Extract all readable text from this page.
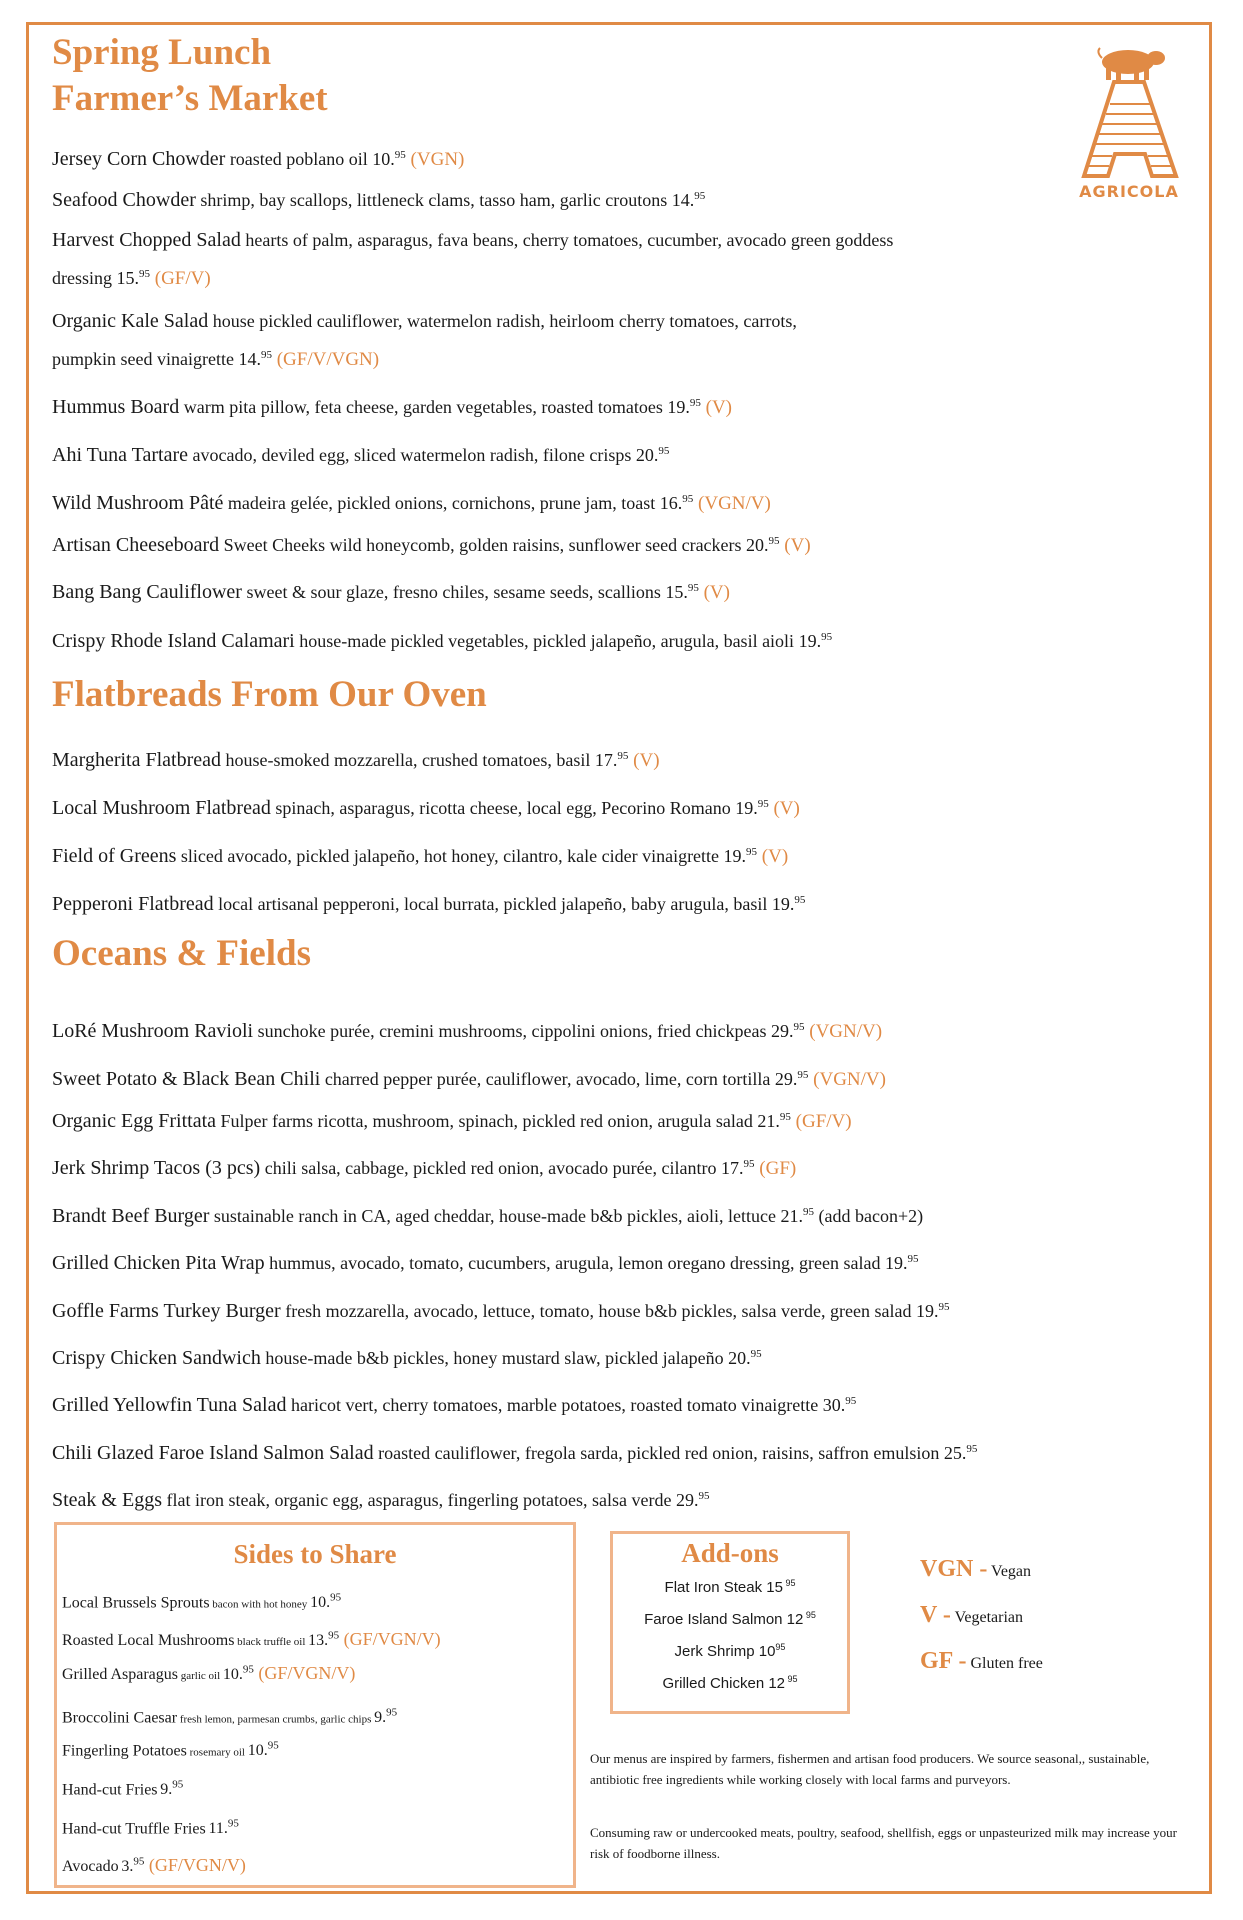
Spring Lunch
Farmer’s Market
AGRICOLA
Jersey Corn Chowder roasted poblano oil 10.95 (VGN)
Seafood Chowder shrimp, bay scallops, littleneck clams, tasso ham, garlic croutons 14.95
Harvest Chopped Salad hearts of palm, asparagus, fava beans, cherry tomatoes, cucumber, avocado green goddess
dressing 15.95 (GF/V)
Organic Kale Salad house pickled cauliflower, watermelon radish, heirloom cherry tomatoes, carrots,
pumpkin seed vinaigrette 14.95 (GF/V/VGN)
Hummus Board warm pita pillow, feta cheese, garden vegetables, roasted tomatoes 19.95 (V)
Ahi Tuna Tartare avocado, deviled egg, sliced watermelon radish, filone crisps 20.95
Wild Mushroom Pâté madeira gelée, pickled onions, cornichons, prune jam, toast 16.95 (VGN/V)
Artisan Cheeseboard Sweet Cheeks wild honeycomb, golden raisins, sunflower seed crackers 20.95 (V)
Bang Bang Cauliflower sweet & sour glaze, fresno chiles, sesame seeds, scallions 15.95 (V)
Crispy Rhode Island Calamari house-made pickled vegetables, pickled jalapeño, arugula, basil aioli 19.95
Flatbreads From Our Oven
Margherita Flatbread house-smoked mozzarella, crushed tomatoes, basil 17.95 (V)
Local Mushroom Flatbread spinach, asparagus, ricotta cheese, local egg, Pecorino Romano 19.95 (V)
Field of Greens sliced avocado, pickled jalapeño, hot honey, cilantro, kale cider vinaigrette 19.95 (V)
Pepperoni Flatbread local artisanal pepperoni, local burrata, pickled jalapeño, baby arugula, basil 19.95
Oceans & Fields
LoRé Mushroom Ravioli sunchoke purée, cremini mushrooms, cippolini onions, fried chickpeas 29.95 (VGN/V)
Sweet Potato & Black Bean Chili charred pepper purée, cauliflower, avocado, lime, corn tortilla 29.95 (VGN/V)
Organic Egg Frittata Fulper farms ricotta, mushroom, spinach, pickled red onion, arugula salad 21.95 (GF/V)
Jerk Shrimp Tacos (3 pcs) chili salsa, cabbage, pickled red onion, avocado purée, cilantro 17.95 (GF)
Brandt Beef Burger sustainable ranch in CA, aged cheddar, house-made b&b pickles, aioli, lettuce 21.95 (add bacon+2)
Grilled Chicken Pita Wrap hummus, avocado, tomato, cucumbers, arugula, lemon oregano dressing, green salad 19.95
Goffle Farms Turkey Burger fresh mozzarella, avocado, lettuce, tomato, house b&b pickles, salsa verde, green salad 19.95
Crispy Chicken Sandwich house-made b&b pickles, honey mustard slaw, pickled jalapeño 20.95
Grilled Yellowfin Tuna Salad haricot vert, cherry tomatoes, marble potatoes, roasted tomato vinaigrette 30.95
Chili Glazed Faroe Island Salmon Salad roasted cauliflower, fregola sarda, pickled red onion, raisins, saffron emulsion 25.95
Steak & Eggs flat iron steak, organic egg, asparagus, fingerling potatoes, salsa verde 29.95
Sides to Share
Local Brussels Sprouts bacon with hot honey 10.95
Roasted Local Mushrooms black truffle oil 13.95 (GF/VGN/V)
Grilled Asparagus garlic oil 10.95 (GF/VGN/V)
Broccolini Caesar fresh lemon, parmesan crumbs, garlic chips 9.95
Fingerling Potatoes rosemary oil 10.95
Hand-cut Fries 9.95
Hand-cut Truffle Fries 11.95
Avocado 3.95 (GF/VGN/V)
Add-ons
Flat Iron Steak 15 $^{95}$
Faroe Island Salmon 12 $^{95}$
Jerk Shrimp $10^{95}$
Grilled Chicken 12 $^{95}$
VGN - Vegan
V - Vegetarian
GF - Gluten free
Our menus are inspired by farmers, fishermen and artisan food producers. We source seasonal,, sustainable, antibiotic free ingredients while working closely with local farms and purveyors.
Consuming raw or undercooked meats, poultry, seafood, shellfish, eggs or unpasteurized milk may increase your risk of foodborne illness.
